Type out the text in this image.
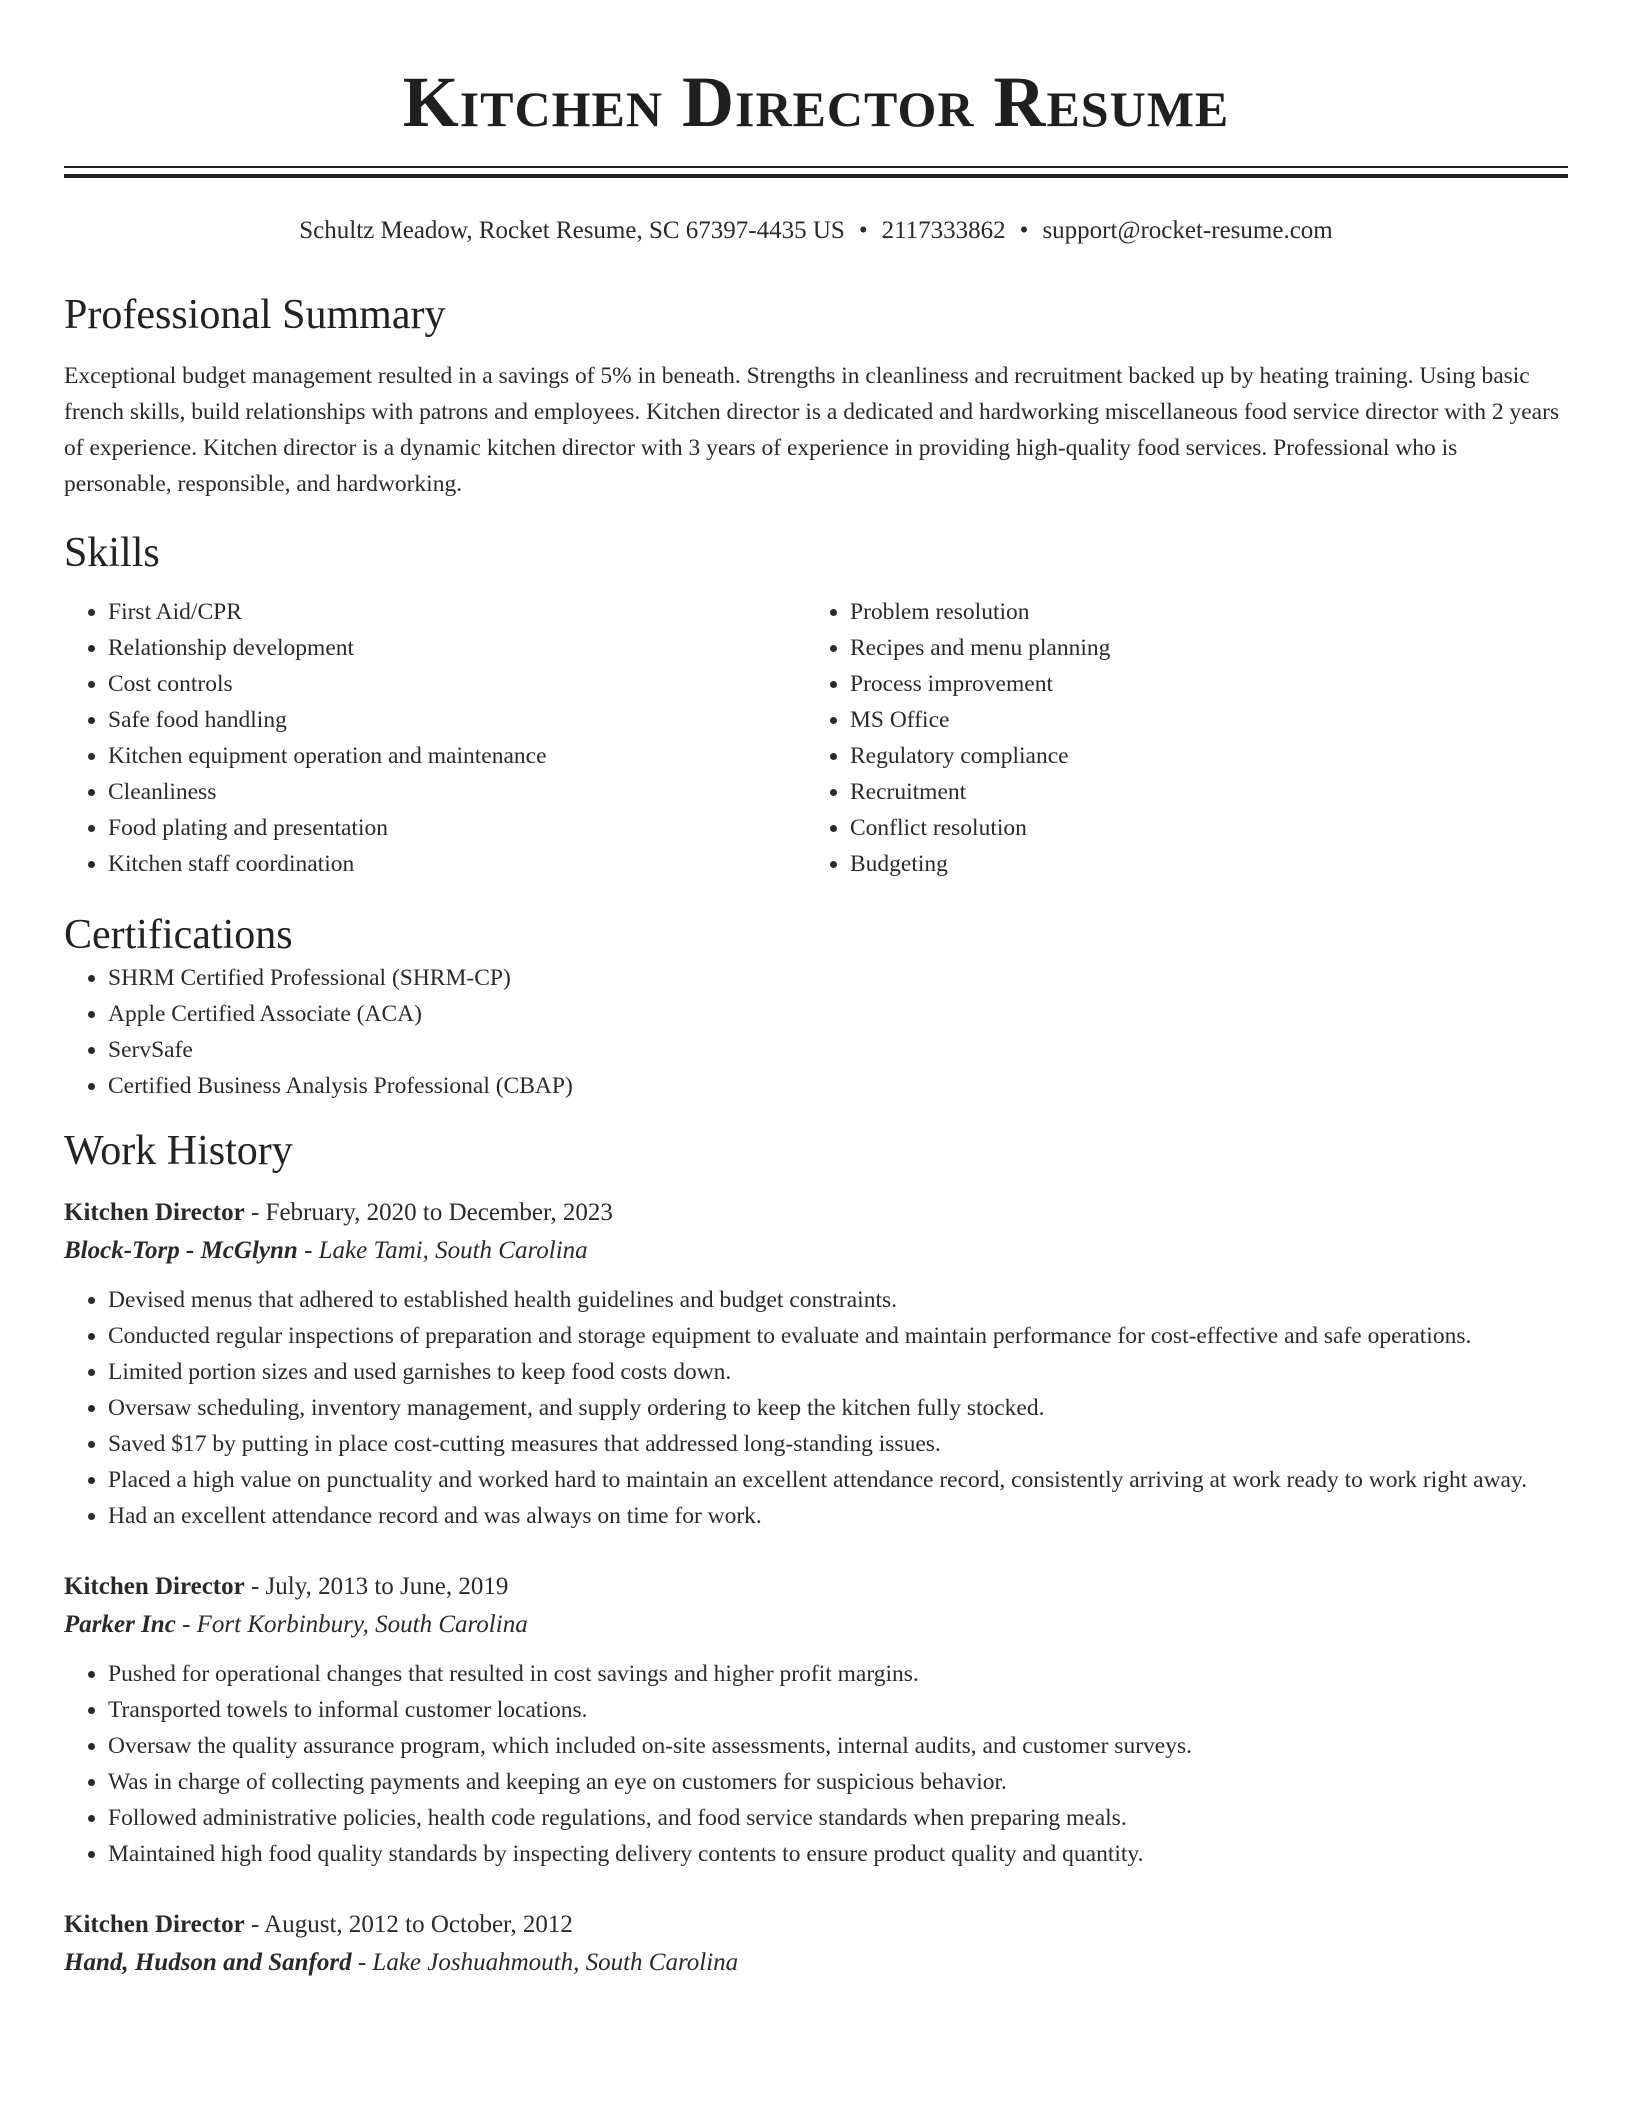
Kitchen Director Resume
Schultz Meadow, Rocket Resume, SC 67397-4435 US • 2117333862 • support@rocket-resume.com
Professional Summary
Exceptional budget management resulted in a savings of 5% in beneath. Strengths in cleanliness and recruitment backed up by heating training. Using basic french skills, build relationships with patrons and employees. Kitchen director is a dedicated and hardworking miscellaneous food service director with 2 years of experience. Kitchen director is a dynamic kitchen director with 3 years of experience in providing high-quality food services. Professional who is personable, responsible, and hardworking.
Skills
• First Aid/CPR
• Relationship development
• Cost controls
• Safe food handling
• Kitchen equipment operation and maintenance
• Cleanliness
• Food plating and presentation
• Kitchen staff coordination
• Problem resolution
• Recipes and menu planning
• Process improvement
• MS Office
• Regulatory compliance
• Recruitment
• Conflict resolution
• Budgeting
Certifications
• SHRM Certified Professional (SHRM-CP)
• Apple Certified Associate (ACA)
• ServSafe
• Certified Business Analysis Professional (CBAP)
Work History
Kitchen Director - February, 2020 to December, 2023
Block-Torp - McGlynn - Lake Tami, South Carolina
• Devised menus that adhered to established health guidelines and budget constraints.
• Conducted regular inspections of preparation and storage equipment to evaluate and maintain performance for cost-effective and safe operations.
• Limited portion sizes and used garnishes to keep food costs down.
• Oversaw scheduling, inventory management, and supply ordering to keep the kitchen fully stocked.
• Saved $17 by putting in place cost-cutting measures that addressed long-standing issues.
• Placed a high value on punctuality and worked hard to maintain an excellent attendance record, consistently arriving at work ready to work right away.
• Had an excellent attendance record and was always on time for work.
Kitchen Director - July, 2013 to June, 2019
Parker Inc - Fort Korbinbury, South Carolina
• Pushed for operational changes that resulted in cost savings and higher profit margins.
• Transported towels to informal customer locations.
• Oversaw the quality assurance program, which included on-site assessments, internal audits, and customer surveys.
• Was in charge of collecting payments and keeping an eye on customers for suspicious behavior.
• Followed administrative policies, health code regulations, and food service standards when preparing meals.
• Maintained high food quality standards by inspecting delivery contents to ensure product quality and quantity.
Kitchen Director - August, 2012 to October, 2012
Hand, Hudson and Sanford - Lake Joshuahmouth, South Carolina
